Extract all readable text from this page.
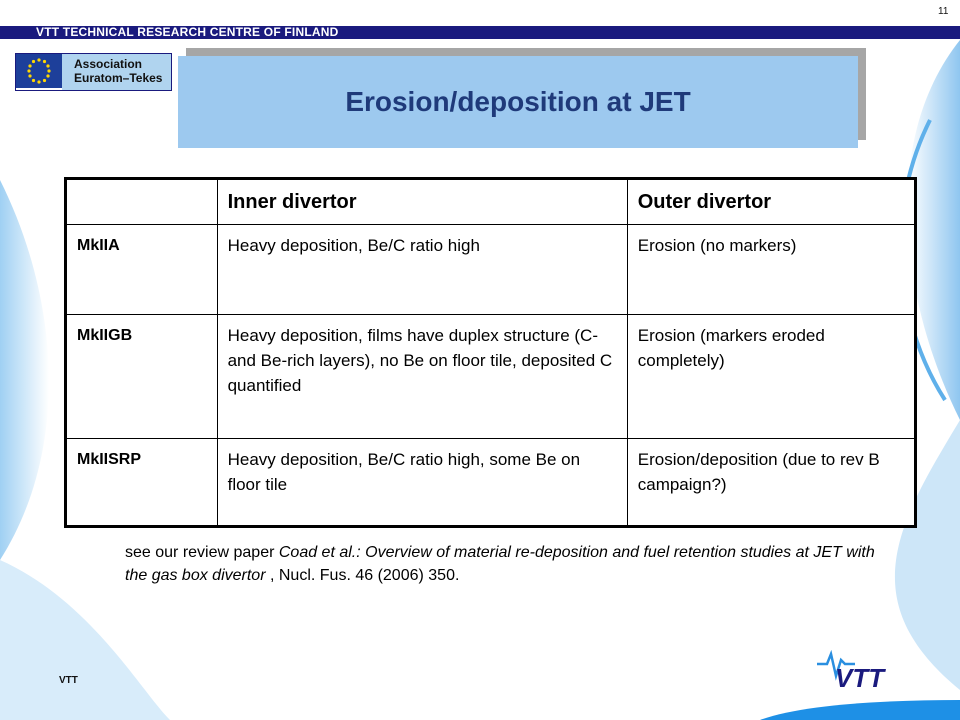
VTT TECHNICAL RESEARCH CENTRE OF FINLAND
11
Association
Euratom–Tekes
Erosion/deposition at JET
	Inner divertor	Outer divertor
MkIIA	Heavy deposition, Be/C ratio high	Erosion (no markers)
MkIIGB	Heavy deposition, films have duplex structure (C- and Be-rich layers), no Be on floor tile, deposited C quantified	Erosion (markers eroded completely)
MkIISRP	Heavy deposition, Be/C ratio high, some Be on floor tile	Erosion/deposition (due to rev B campaign?)
see our review paper Coad et al.: Overview of material re-deposition and fuel retention studies at JET with the gas box divertor , Nucl. Fus. 46 (2006) 350.
VTT	VTT
